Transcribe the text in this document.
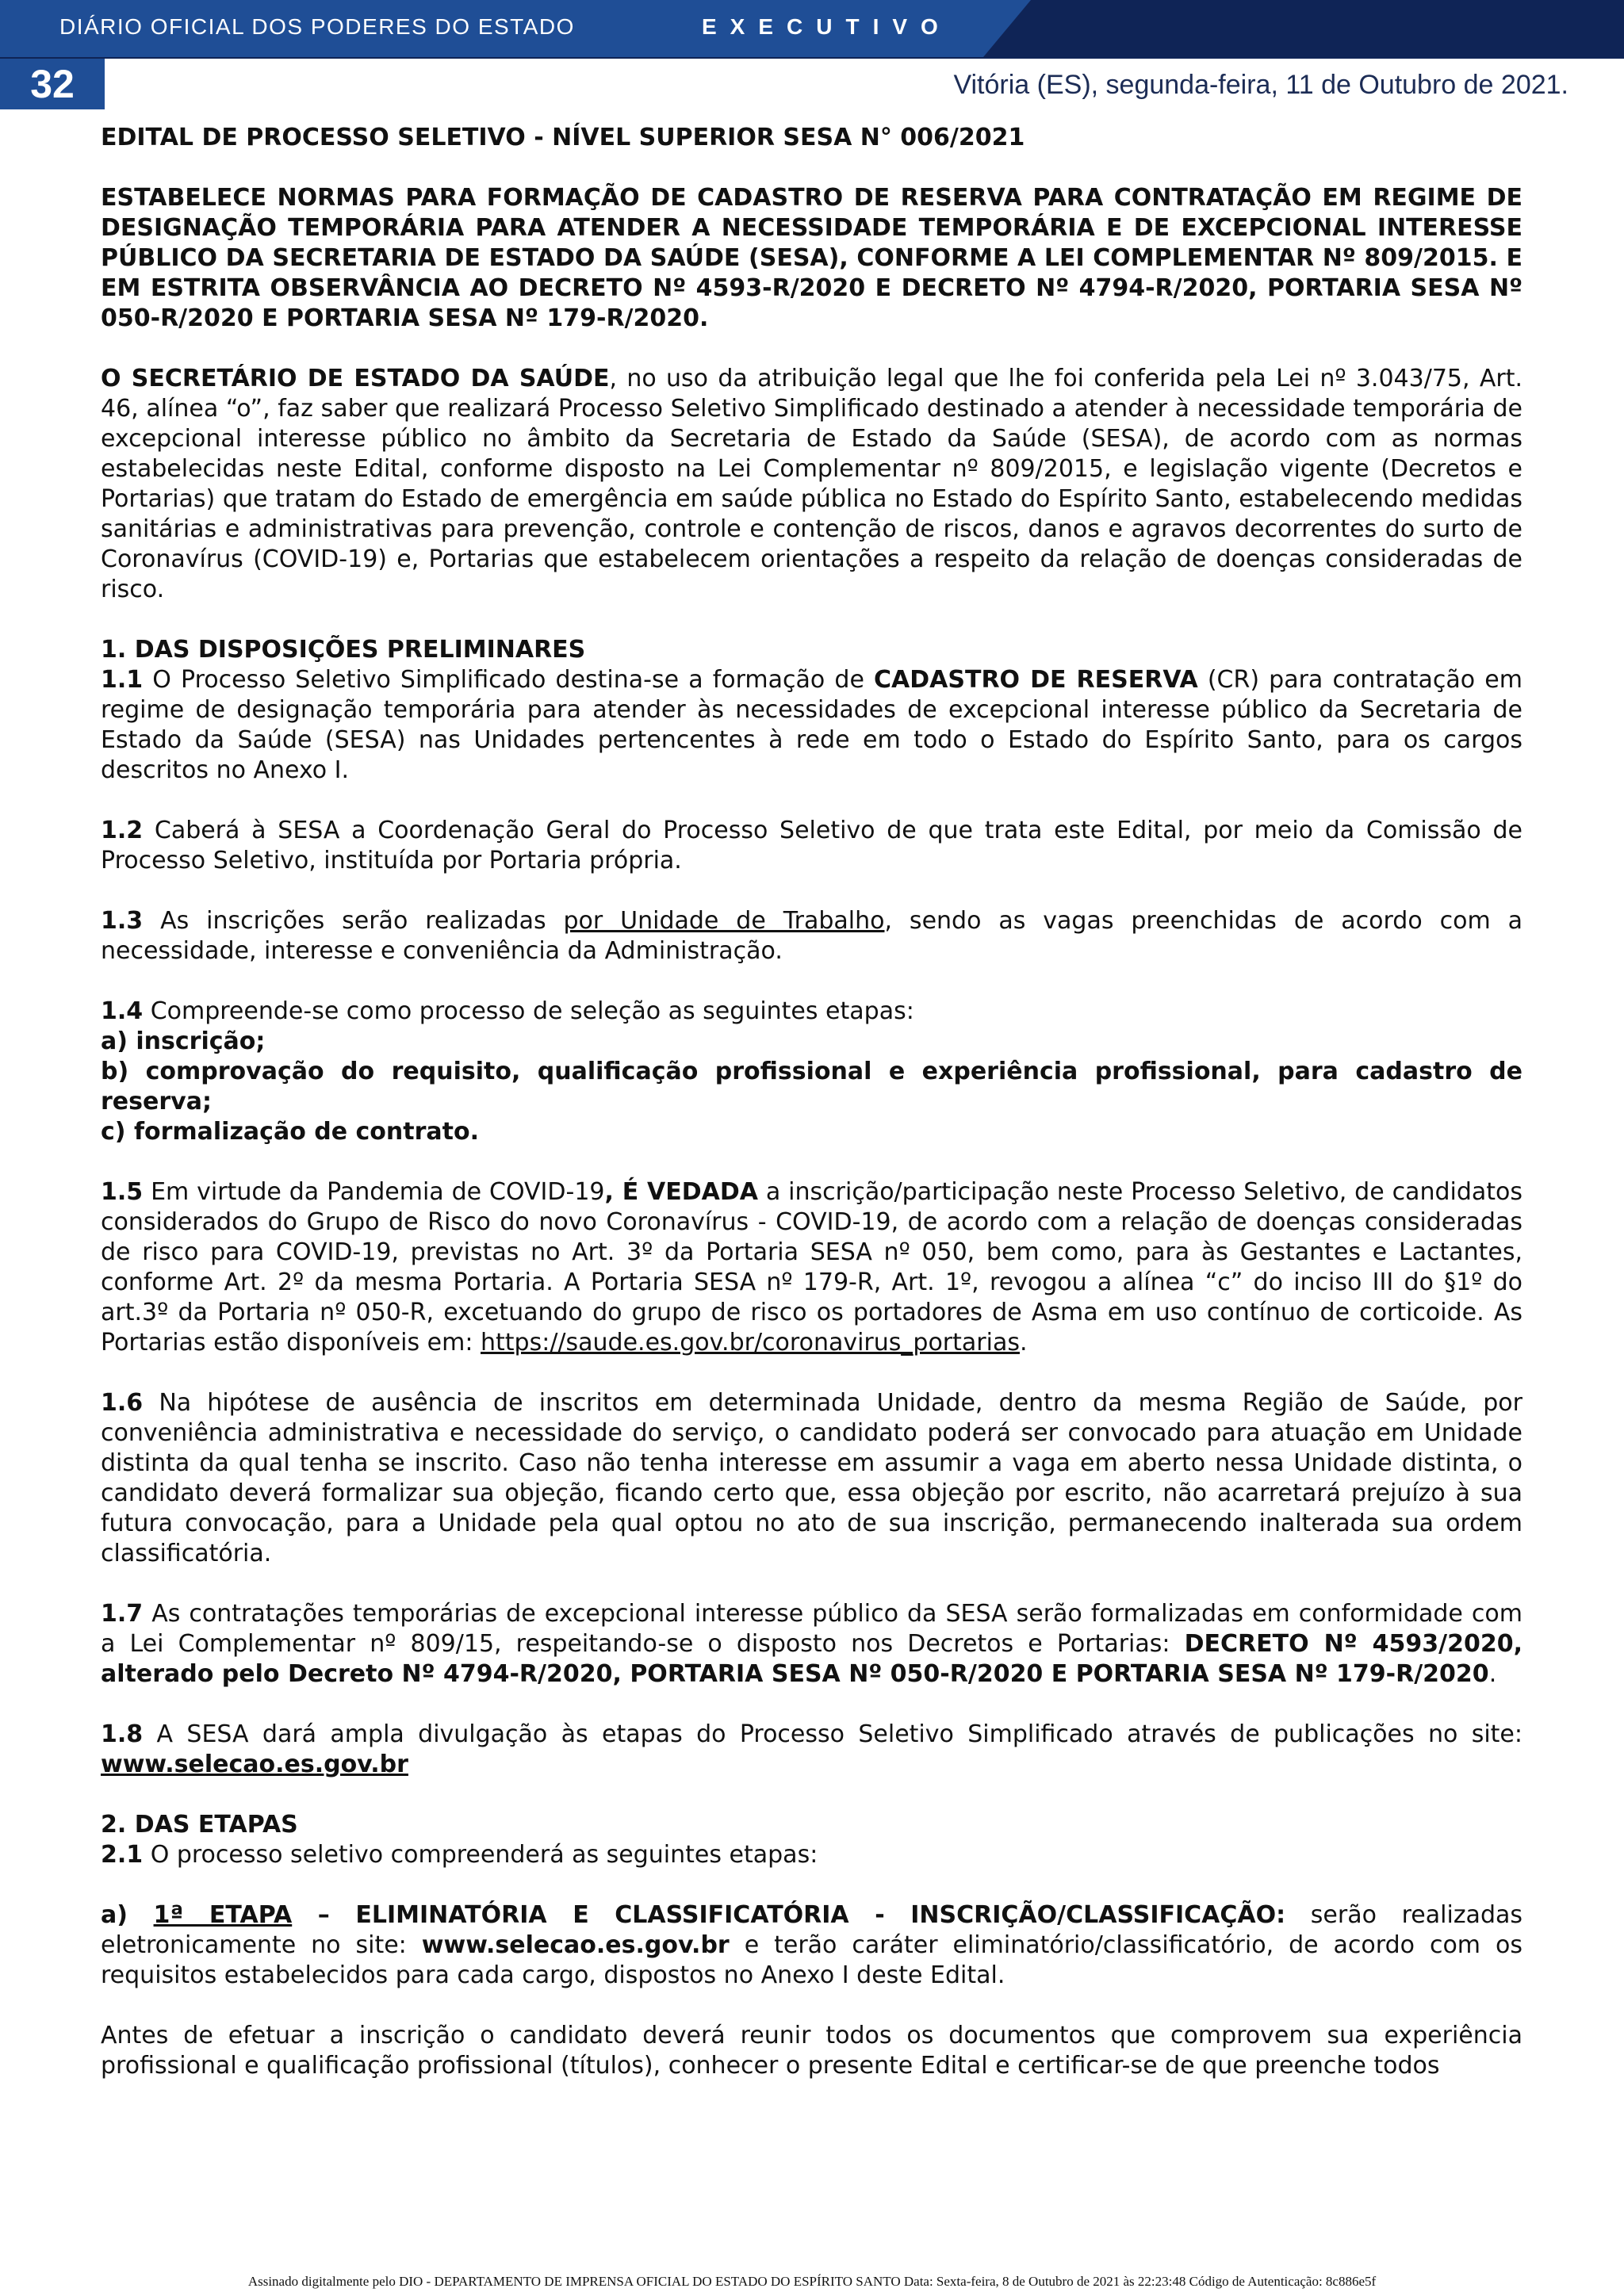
DIÁRIO OFICIAL DOS PODERES DO ESTADO	EXECUTIVO
32	Vitória (ES), segunda-feira, 11 de Outubro de 2021.

EDITAL DE PROCESSO SELETIVO - NÍVEL SUPERIOR SESA N° 006/2021

ESTABELECE NORMAS PARA FORMAÇÃO DE CADASTRO DE RESERVA PARA CONTRATAÇÃO EM REGIME DE DESIGNAÇÃO TEMPORÁRIA PARA ATENDER A NECESSIDADE TEMPORÁRIA E DE EXCEPCIONAL INTERESSE PÚBLICO DA SECRETARIA DE ESTADO DA SAÚDE (SESA), CONFORME A LEI COMPLEMENTAR Nº 809/2015. E EM ESTRITA OBSERVÂNCIA AO DECRETO Nº 4593-R/2020 E DECRETO Nº 4794-R/2020, PORTARIA SESA Nº 050-R/2020 E PORTARIA SESA Nº 179-R/2020.

O SECRETÁRIO DE ESTADO DA SAÚDE, no uso da atribuição legal que lhe foi conferida pela Lei nº 3.043/75, Art. 46, alínea “o”, faz saber que realizará Processo Seletivo Simplificado destinado a atender à necessidade temporária de excepcional interesse público no âmbito da Secretaria de Estado da Saúde (SESA), de acordo com as normas estabelecidas neste Edital, conforme disposto na Lei Complementar nº 809/2015, e legislação vigente (Decretos e Portarias) que tratam do Estado de emergência em saúde pública no Estado do Espírito Santo, estabelecendo medidas sanitárias e administrativas para prevenção, controle e contenção de riscos, danos e agravos decorrentes do surto de Coronavírus (COVID-19) e, Portarias que estabelecem orientações a respeito da relação de doenças consideradas de risco.

1. DAS DISPOSIÇÕES PRELIMINARES

1.1 O Processo Seletivo Simplificado destina-se a formação de CADASTRO DE RESERVA (CR) para contratação em regime de designação temporária para atender às necessidades de excepcional interesse público da Secretaria de Estado da Saúde (SESA) nas Unidades pertencentes à rede em todo o Estado do Espírito Santo, para os cargos descritos no Anexo I.

1.2 Caberá à SESA a Coordenação Geral do Processo Seletivo de que trata este Edital, por meio da Comissão de Processo Seletivo, instituída por Portaria própria.

1.3 As inscrições serão realizadas por Unidade de Trabalho, sendo as vagas preenchidas de acordo com a necessidade, interesse e conveniência da Administração.

1.4 Compreende-se como processo de seleção as seguintes etapas:

a) inscrição;

b) comprovação do requisito, qualificação profissional e experiência profissional, para cadastro de reserva;

c) formalização de contrato.

1.5 Em virtude da Pandemia de COVID-19, É VEDADA a inscrição/participação neste Processo Seletivo, de candidatos considerados do Grupo de Risco do novo Coronavírus - COVID-19, de acordo com a relação de doenças consideradas de risco para COVID-19, previstas no Art. 3º da Portaria SESA nº 050, bem como, para às Gestantes e Lactantes, conforme Art. 2º da mesma Portaria. A Portaria SESA nº 179-R, Art. 1º, revogou a alínea “c” do inciso III do §1º do art.3º da Portaria nº 050-R, excetuando do grupo de risco os portadores de Asma em uso contínuo de corticoide. As Portarias estão disponíveis em: https://saude.es.gov.br/coronavirus_portarias.

1.6 Na hipótese de ausência de inscritos em determinada Unidade, dentro da mesma Região de Saúde, por conveniência administrativa e necessidade do serviço, o candidato poderá ser convocado para atuação em Unidade distinta da qual tenha se inscrito. Caso não tenha interesse em assumir a vaga em aberto nessa Unidade distinta, o candidato deverá formalizar sua objeção, ficando certo que, essa objeção por escrito, não acarretará prejuízo à sua futura convocação, para a Unidade pela qual optou no ato de sua inscrição, permanecendo inalterada sua ordem classificatória.

1.7 As contratações temporárias de excepcional interesse público da SESA serão formalizadas em conformidade com a Lei Complementar nº 809/15, respeitando-se o disposto nos Decretos e Portarias: DECRETO Nº 4593/2020, alterado pelo Decreto Nº 4794-R/2020, PORTARIA SESA Nº 050-R/2020 E PORTARIA SESA Nº 179-R/2020.

1.8 A SESA dará ampla divulgação às etapas do Processo Seletivo Simplificado através de publicações no site: www.selecao.es.gov.br

2. DAS ETAPAS

2.1 O processo seletivo compreenderá as seguintes etapas:

a) 1ª ETAPA – ELIMINATÓRIA E CLASSIFICATÓRIA - INSCRIÇÃO/CLASSIFICAÇÃO: serão realizadas eletronicamente no site: www.selecao.es.gov.br e terão caráter eliminatório/classificatório, de acordo com os requisitos estabelecidos para cada cargo, dispostos no Anexo I deste Edital.

Antes de efetuar a inscrição o candidato deverá reunir todos os documentos que comprovem sua experiência profissional e qualificação profissional (títulos), conhecer o presente Edital e certificar-se de que preenche todos

Assinado digitalmente pelo DIO - DEPARTAMENTO DE IMPRENSA OFICIAL DO ESTADO DO ESPÍRITO SANTO Data: Sexta-feira, 8 de Outubro de 2021 às 22:23:48 Código de Autenticação: 8c886e5f
